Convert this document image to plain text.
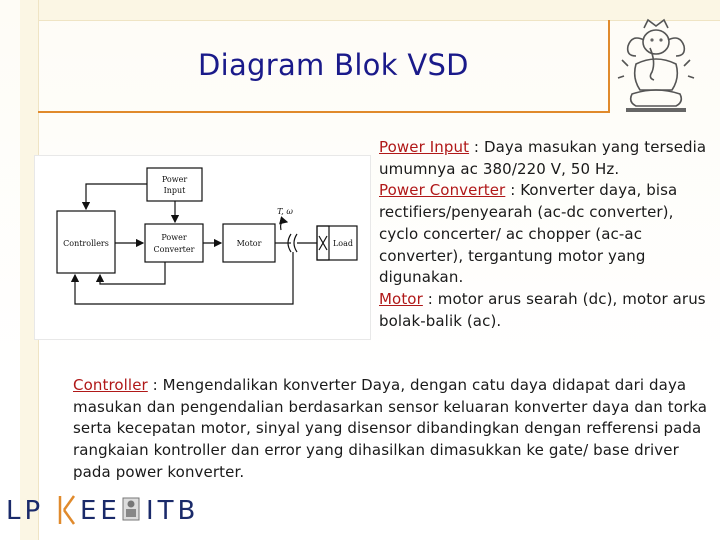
Diagram Blok VSD
Power
Input
Controllers
Power
Converter
Motor	Load
T, ω
Power Input : Daya masukan yang tersedia umumnya ac 380/220 V, 50 Hz.
Power Converter : Konverter daya, bisa rectifiers/penyearah (ac-dc converter), cyclo concerter/ ac chopper (ac-ac converter), tergantung motor yang digunakan.
Motor : motor arus searah (dc), motor arus bolak-balik (ac).
Controller : Mengendalikan konverter Daya, dengan catu daya didapat dari daya masukan dan pengendalian berdasarkan sensor keluaran konverter daya dan torka serta kecepatan motor, sinyal yang disensor dibandingkan dengan refferensi pada rangkaian kontroller dan error yang dihasilkan dimasukkan ke gate/ base driver pada power konverter.
LP EE ITB
